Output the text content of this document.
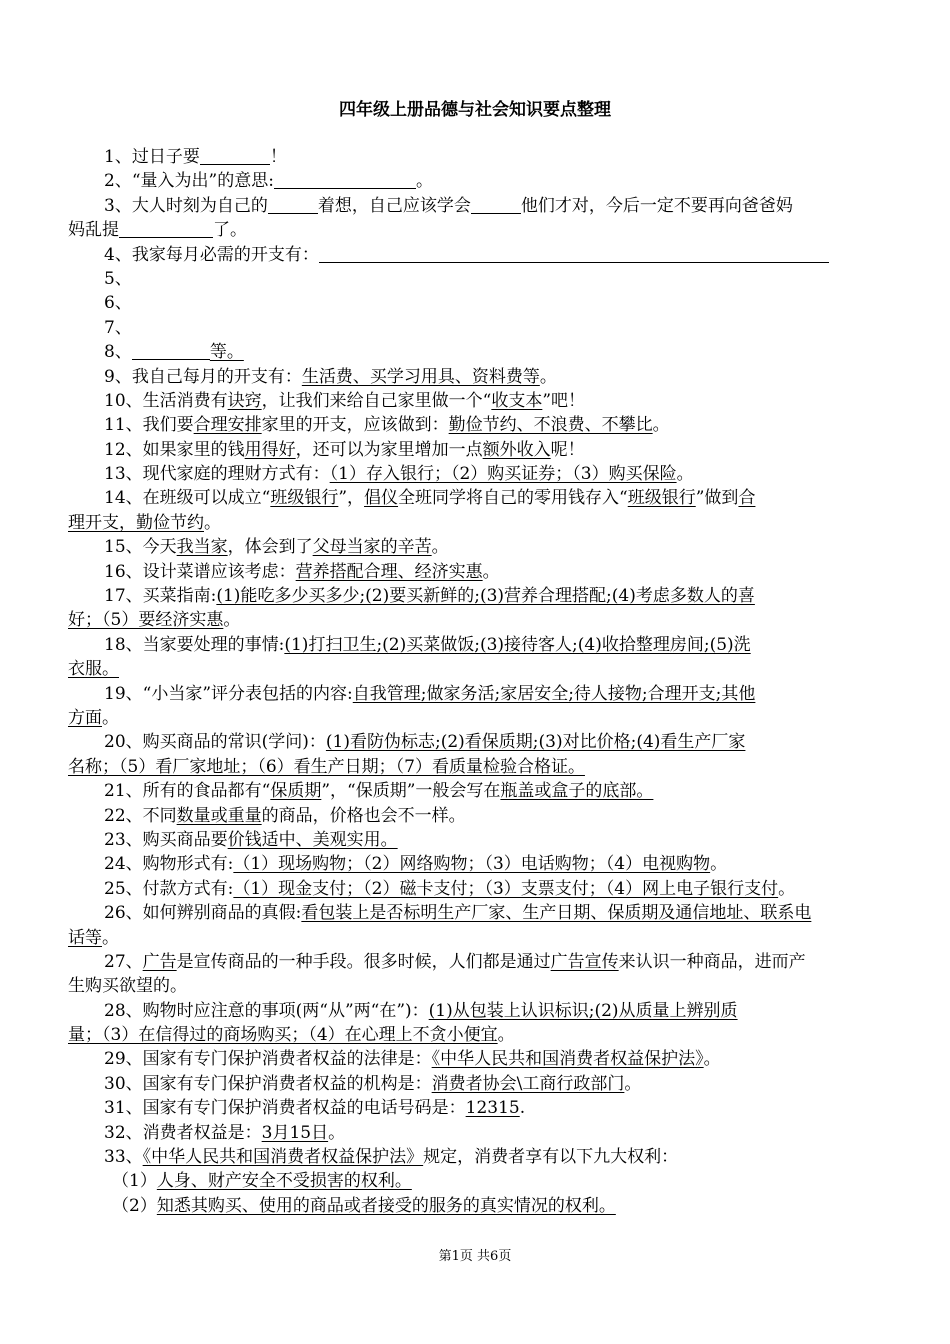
四年级上册品德与社会知识要点整理
1、过日子要	！
2、“量入为出”的意思:	。
3、大人时刻为自己的	着想，自己应该学会	他们才对，今后一定不要再向爸爸妈
妈乱提	了。
4、我家每月必需的开支有：
5、
6、
7、
8、	等。
9、我自己每月的开支有：生活费、买学习用具、资料费等。
10、生活消费有诀窍，让我们来给自己家里做一个“收支本”吧！
11、我们要合理安排家里的开支，应该做到：勤俭节约、不浪费、不攀比。
12、如果家里的钱用得好，还可以为家里增加一点额外收入呢！
13、现代家庭的理财方式有：（1）存入银行；（2）购买证券；（3）购买保险。
14、在班级可以成立“班级银行”，倡仪全班同学将自己的零用钱存入“班级银行”做到合
理开支，勤俭节约。
15、今天我当家，体会到了父母当家的辛苦。
16、设计菜谱应该考虑：营养搭配合理、经济实惠。
17、买菜指南:(1)能吃多少买多少;(2)要买新鲜的;(3)营养合理搭配;(4)考虑多数人的喜
好；（5）要经济实惠。
18、当家要处理的事情:(1)打扫卫生;(2)买菜做饭;(3)接待客人;(4)收拾整理房间;(5)洗
衣服。
19、“小当家”评分表包括的内容:自我管理;做家务活;家居安全;待人接物;合理开支;其他
方面。
20、购买商品的常识(学问)：(1)看防伪标志;(2)看保质期;(3)对比价格;(4)看生产厂家
名称；（5）看厂家地址；（6）看生产日期；（7）看质量检验合格证。
21、所有的食品都有“保质期”，“保质期”一般会写在瓶盖或盒子的底部。
22、不同数量或重量的商品，价格也会不一样。
23、购买商品要价钱适中、美观实用。
24、购物形式有:（1）现场购物；（2）网络购物；（3）电话购物；（4）电视购物。
25、付款方式有:（1）现金支付；（2）磁卡支付；（3）支票支付；（4）网上电子银行支付。
26、如何辨别商品的真假:看包装上是否标明生产厂家、生产日期、保质期及通信地址、联系电
话等。
27、广告是宣传商品的一种手段。很多时候，人们都是通过广告宣传来认识一种商品，进而产
生购买欲望的。
28、购物时应注意的事项(两“从”两“在”)：(1)从包装上认识标识;(2)从质量上辨别质
量；（3）在信得过的商场购买；（4）在心理上不贪小便宜。
29、国家有专门保护消费者权益的法律是：《中华人民共和国消费者权益保护法》。
30、国家有专门保护消费者权益的机构是：消费者协会\工商行政部门。
31、国家有专门保护消费者权益的电话号码是：12315.
32、消费者权益是：3月15日。
33、《中华人民共和国消费者权益保护法》规定，消费者享有以下九大权利：
（1）人身、财产安全不受损害的权利。
（2）知悉其购买、使用的商品或者接受的服务的真实情况的权利。
第1页 共6页
